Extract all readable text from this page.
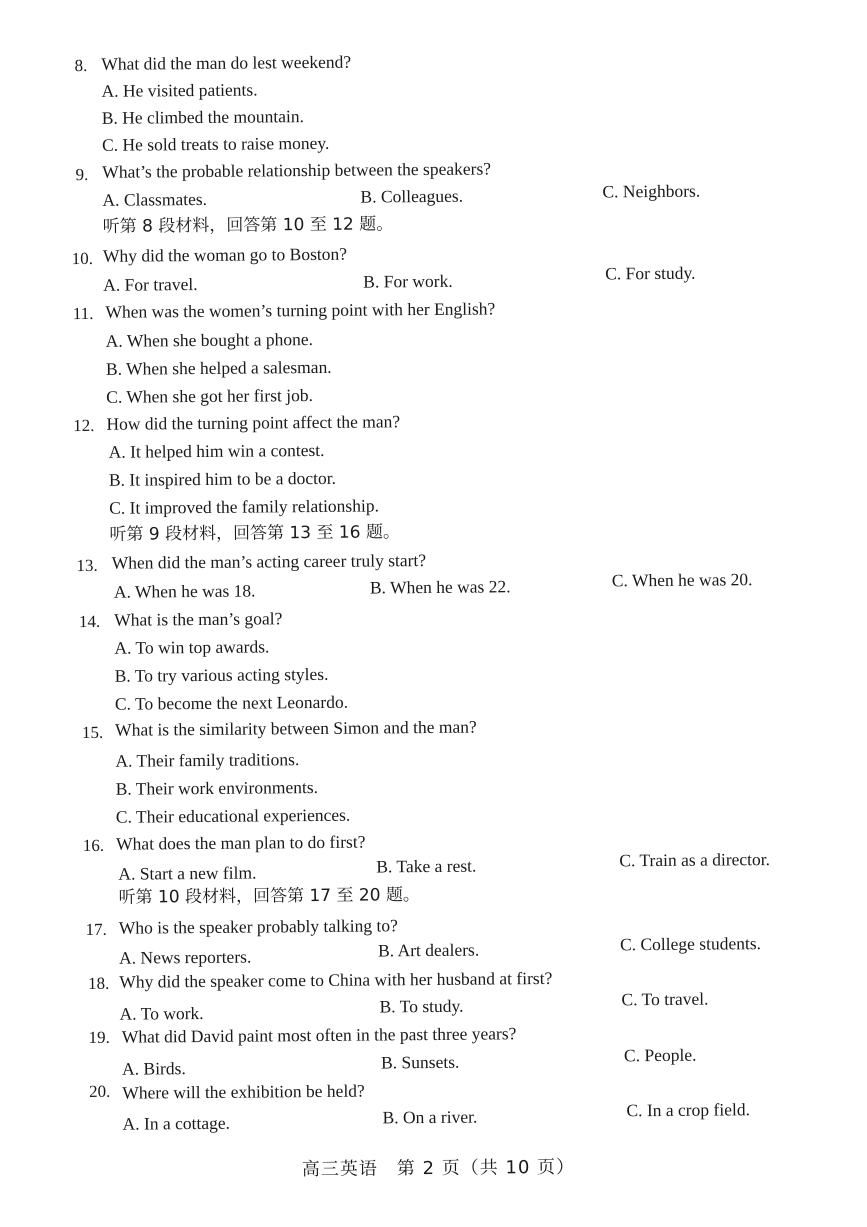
8. What did the man do lest weekend?
A. He visited patients.
B. He climbed the mountain.
C. He sold treats to raise money.
9. What’s the probable relationship between the speakers?
A. Classmates.	B. Colleagues.	C. Neighbors.
听第 8 段材料，回答第 10 至 12 题。
10. Why did the woman go to Boston?
A. For travel.	B. For work.	C. For study.
11. When was the women’s turning point with her English?
A. When she bought a phone.
B. When she helped a salesman.
C. When she got her first job.
12. How did the turning point affect the man?
A. It helped him win a contest.
B. It inspired him to be a doctor.
C. It improved the family relationship.
听第 9 段材料，回答第 13 至 16 题。
13. When did the man’s acting career truly start?
A. When he was 18.	B. When he was 22.	C. When he was 20.
14. What is the man’s goal?
A. To win top awards.
B. To try various acting styles.
C. To become the next Leonardo.
15. What is the similarity between Simon and the man?
A. Their family traditions.
B. Their work environments.
C. Their educational experiences.
16. What does the man plan to do first?
A. Start a new film.	B. Take a rest.	C. Train as a director.
听第 10 段材料，回答第 17 至 20 题。
17. Who is the speaker probably talking to?
A. News reporters.	B. Art dealers.	C. College students.
18. Why did the speaker come to China with her husband at first?
A. To work.	B. To study.	C. To travel.
19. What did David paint most often in the past three years?
A. Birds.	B. Sunsets.	C. People.
20. Where will the exhibition be held?
A. In a cottage.	B. On a river.	C. In a crop field.
高三英语　第 2 页（共 10 页）
